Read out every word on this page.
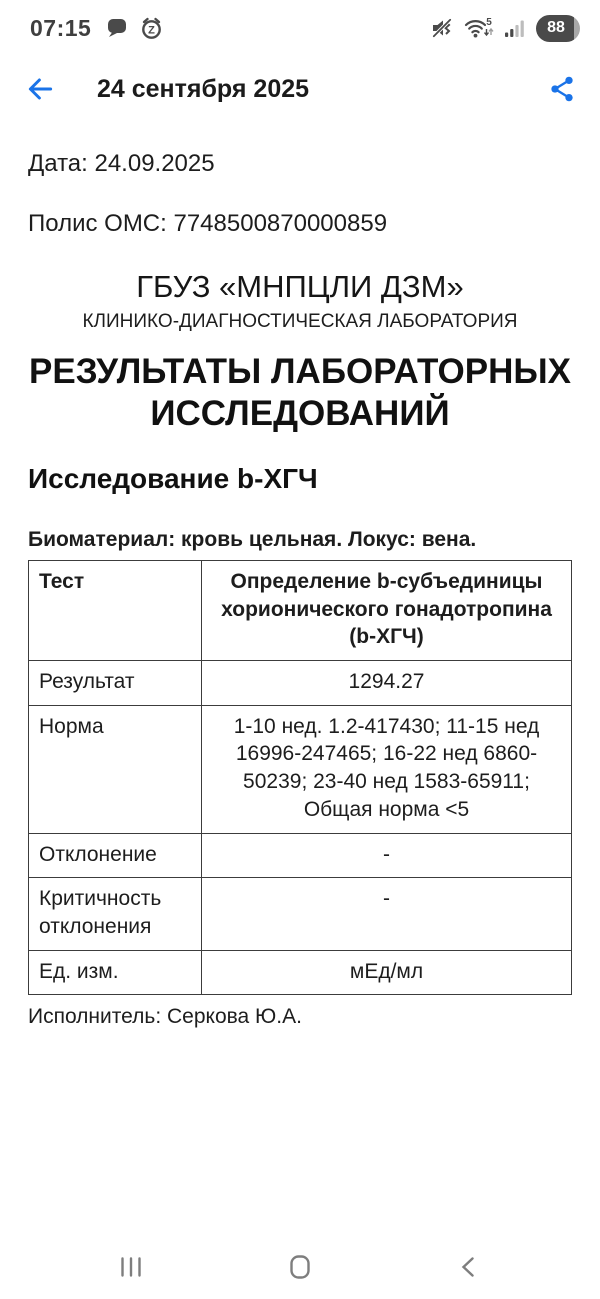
07:15	Z
5	88
24 сентября 2025

Дата: 24.09.2025

Полис ОМС: 7748500870000859

ГБУЗ «МНПЦЛИ ДЗМ»
КЛИНИКО-ДИАГНОСТИЧЕСКАЯ ЛАБОРАТОРИЯ
РЕЗУЛЬТАТЫ ЛАБОРАТОРНЫХ ИССЛЕДОВАНИЙ
Исследование b-ХГЧ

Биоматериал: кровь цельная. Локус: вена.

Тест	Определение b-субъединицы хорионического гонадотропина (b-ХГЧ)
Результат	1294.27
Норма	1-10 нед. 1.2-417430; 11-15 нед 16996-247465; 16-22 нед 6860-50239; 23-40 нед 1583-65911; Общая норма <5
Отклонение	-
Критичность отклонения	-
Ед. изм.	мЕд/мл

Исполнитель: Серкова Ю.А.
